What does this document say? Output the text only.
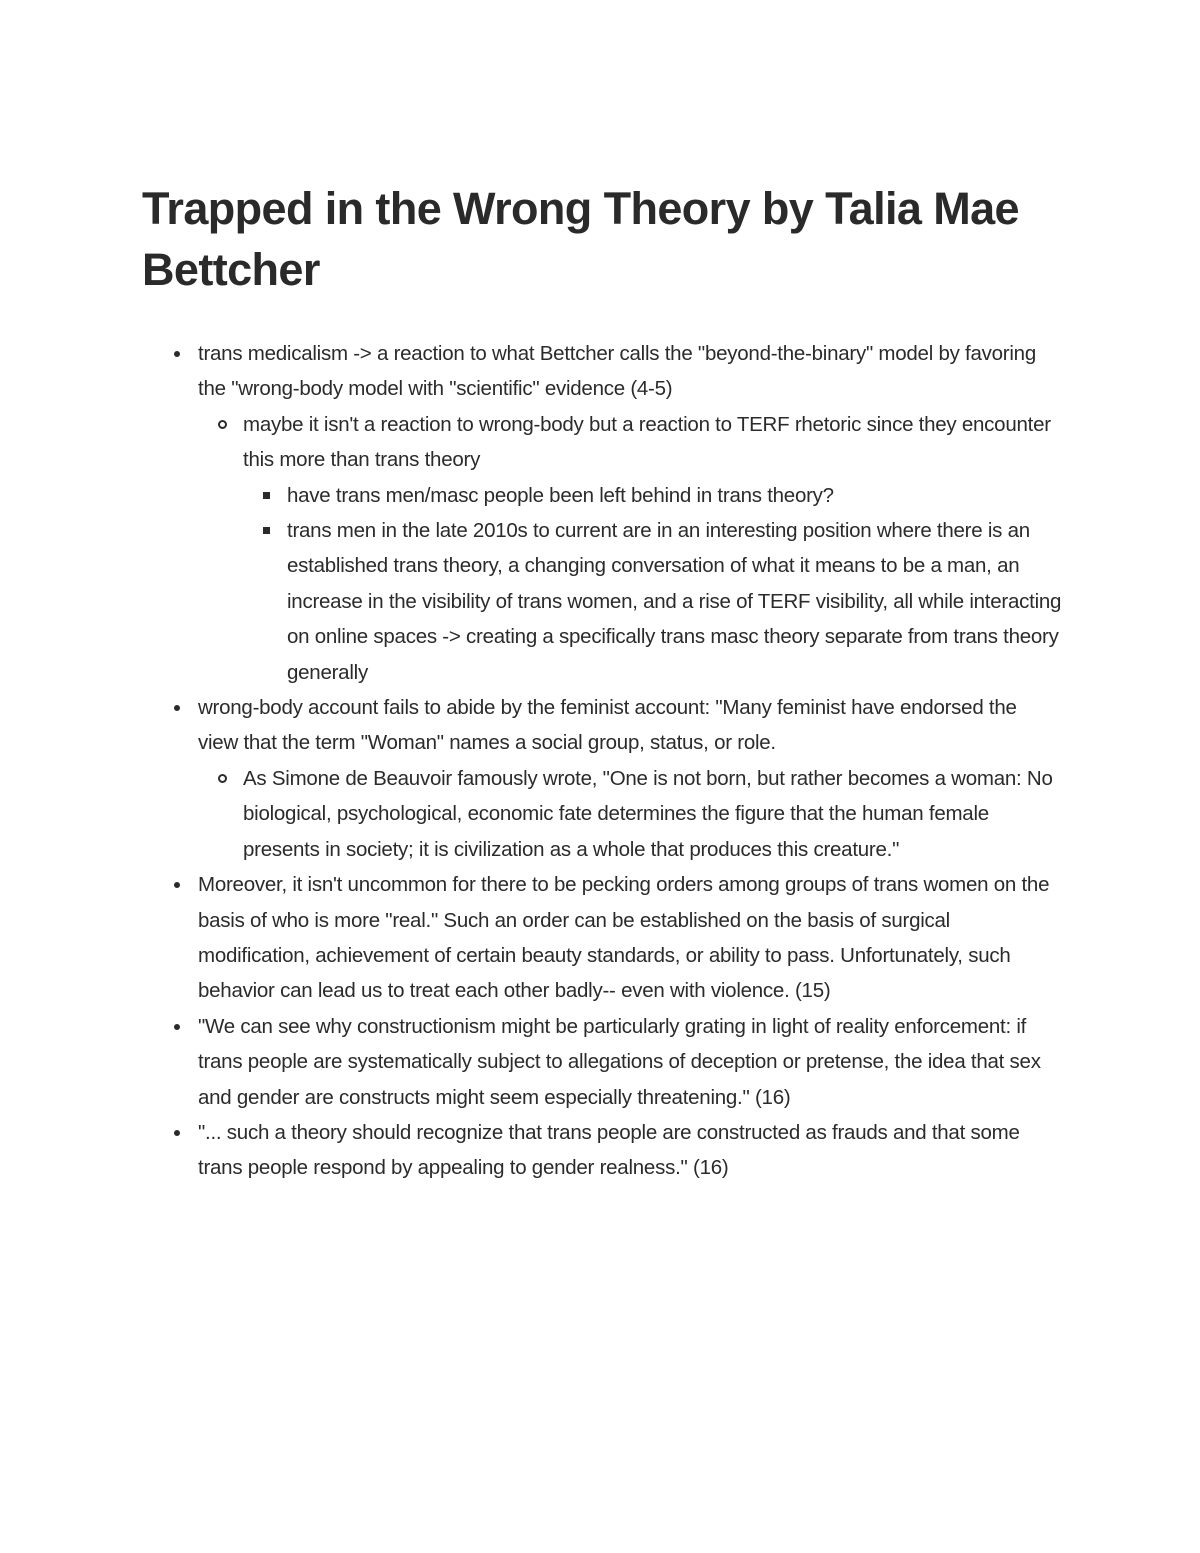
Trapped in the Wrong Theory by Talia Mae Bettcher
trans medicalism -> a reaction to what Bettcher calls the "beyond-the-binary" model by favoring the "wrong-body model with "scientific" evidence (4-5)
maybe it isn't a reaction to wrong-body but a reaction to TERF rhetoric since they encounter this more than trans theory
have trans men/masc people been left behind in trans theory?
trans men in the late 2010s to current are in an interesting position where there is an established trans theory, a changing conversation of what it means to be a man, an increase in the visibility of trans women, and a rise of TERF visibility, all while interacting on online spaces -> creating a specifically trans masc theory separate from trans theory generally
wrong-body account fails to abide by the feminist account: "Many feminist have endorsed the view that the term "Woman" names a social group, status, or role.
As Simone de Beauvoir famously wrote, "One is not born, but rather becomes a woman: No biological, psychological, economic fate determines the figure that the human female presents in society; it is civilization as a whole that produces this creature."
Moreover, it isn't uncommon for there to be pecking orders among groups of trans women on the basis of who is more "real." Such an order can be established on the basis of surgical modification, achievement of certain beauty standards, or ability to pass. Unfortunately, such behavior can lead us to treat each other badly-- even with violence. (15)
"We can see why constructionism might be particularly grating in light of reality enforcement: if trans people are systematically subject to allegations of deception or pretense, the idea that sex and gender are constructs might seem especially threatening." (16)
"... such a theory should recognize that trans people are constructed as frauds and that some trans people respond by appealing to gender realness." (16)
